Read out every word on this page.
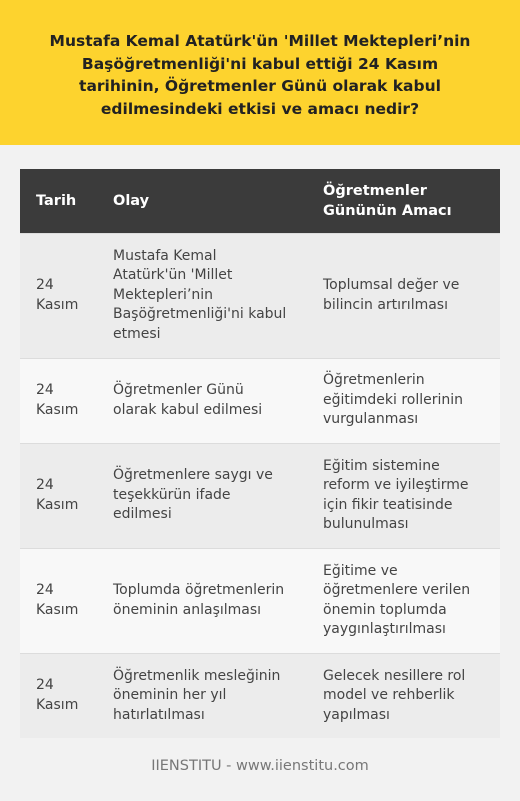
Mustafa Kemal Atatürk'ün 'Millet Mektepleri’nin Başöğretmenliği'ni kabul ettiği 24 Kasım tarihinin, Öğretmenler Günü olarak kabul edilmesindeki etkisi ve amacı nedir?
Tarih	Olay	Öğretmenler Gününün Amacı
24 Kasım	Mustafa Kemal Atatürk'ün 'Millet Mektepleri’nin Başöğretmenliği'ni kabul etmesi	Toplumsal değer ve bilincin artırılması
24 Kasım	Öğretmenler Günü olarak kabul edilmesi	Öğretmenlerin eğitimdeki rollerinin vurgulanması
24 Kasım	Öğretmenlere saygı ve teşekkürün ifade edilmesi	Eğitim sistemine reform ve iyileştirme için fikir teatisinde bulunulması
24 Kasım	Toplumda öğretmenlerin öneminin anlaşılması	Eğitime ve öğretmenlere verilen önemin toplumda yaygınlaştırılması
24 Kasım	Öğretmenlik mesleğinin öneminin her yıl hatırlatılması	Gelecek nesillere rol model ve rehberlik yapılması
IIENSTITU - www.iienstitu.com
